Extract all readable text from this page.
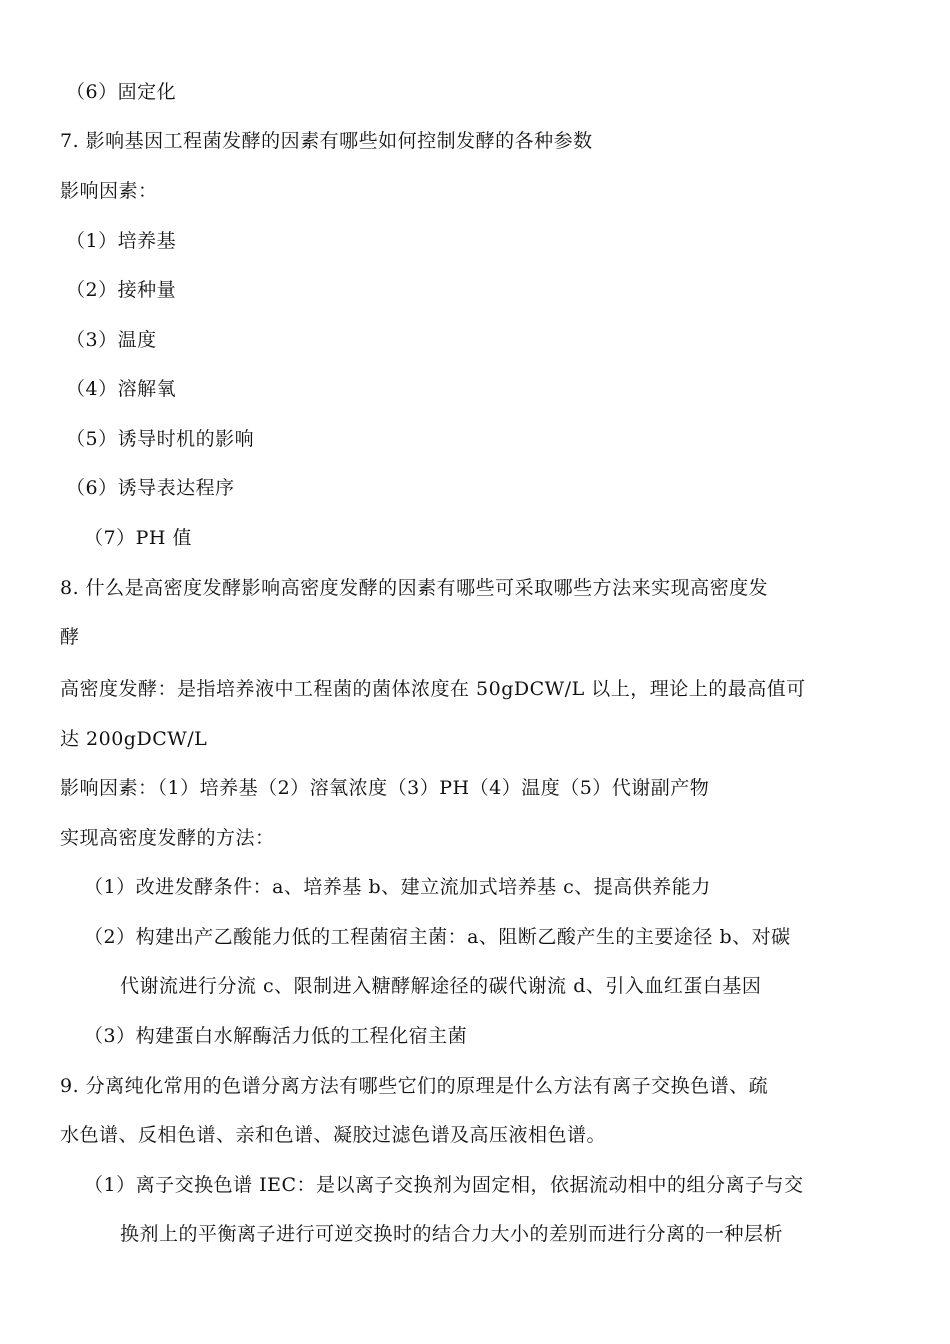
（6）固定化
7. 影响基因工程菌发酵的因素有哪些如何控制发酵的各种参数
影响因素：
（1）培养基
（2）接种量
（3）温度
（4）溶解氧
（5）诱导时机的影响
（6）诱导表达程序
（7）PH 值
8. 什么是高密度发酵影响高密度发酵的因素有哪些可采取哪些方法来实现高密度发
酵
高密度发酵：是指培养液中工程菌的菌体浓度在 50gDCW/L 以上，理论上的最高值可
达 200gDCW/L
影响因素：（1）培养基（2）溶氧浓度（3）PH（4）温度（5）代谢副产物
实现高密度发酵的方法：
（1）改进发酵条件：a、培养基 b、建立流加式培养基 c、提高供养能力
（2）构建出产乙酸能力低的工程菌宿主菌：a、阻断乙酸产生的主要途径 b、对碳
代谢流进行分流 c、限制进入糖酵解途径的碳代谢流 d、引入血红蛋白基因
（3）构建蛋白水解酶活力低的工程化宿主菌
9. 分离纯化常用的色谱分离方法有哪些它们的原理是什么方法有离子交换色谱、疏
水色谱、反相色谱、亲和色谱、凝胶过滤色谱及高压液相色谱。
（1）离子交换色谱 IEC：是以离子交换剂为固定相，依据流动相中的组分离子与交
换剂上的平衡离子进行可逆交换时的结合力大小的差别而进行分离的一种层析
